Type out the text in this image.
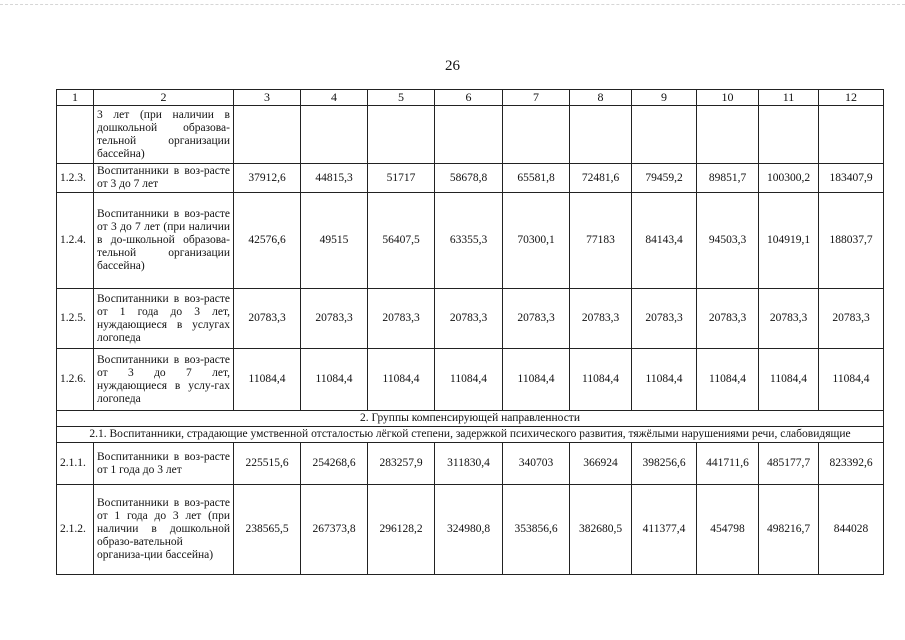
26
1	2	3	4	5	6	7	8	9	10	11	12
	3 лет (при наличии в дошкольной образова-тельной организации бассейна)										
1.2.3.	Воспитанники в воз-расте от 3 до 7 лет	37912,6	44815,3	51717	58678,8	65581,8	72481,6	79459,2	89851,7	100300,2	183407,9
1.2.4.	Воспитанники в воз-расте от 3 до 7 лет (при наличии в до-школьной образова-тельной организации бассейна)	42576,6	49515	56407,5	63355,3	70300,1	77183	84143,4	94503,3	104919,1	188037,7
1.2.5.	Воспитанники в воз-расте от 1 года до 3 лет, нуждающиеся в услугах логопеда	20783,3	20783,3	20783,3	20783,3	20783,3	20783,3	20783,3	20783,3	20783,3	20783,3
1.2.6.	Воспитанники в воз-расте от 3 до 7 лет, нуждающиеся в услу-гах логопеда	11084,4	11084,4	11084,4	11084,4	11084,4	11084,4	11084,4	11084,4	11084,4	11084,4
2. Группы компенсирующей направленности											
2.1. Воспитанники, страдающие умственной отсталостью лёгкой степени, задержкой психического развития, тяжёлыми нарушениями речи, слабовидящие											
2.1.1.	Воспитанники в воз-расте от 1 года до 3 лет	225515,6	254268,6	283257,9	311830,4	340703	366924	398256,6	441711,6	485177,7	823392,6
2.1.2.	Воспитанники в воз-расте от 1 года до 3 лет (при наличии в дошкольной образо-вательной организа-ции бассейна)	238565,5	267373,8	296128,2	324980,8	353856,6	382680,5	411377,4	454798	498216,7	844028
